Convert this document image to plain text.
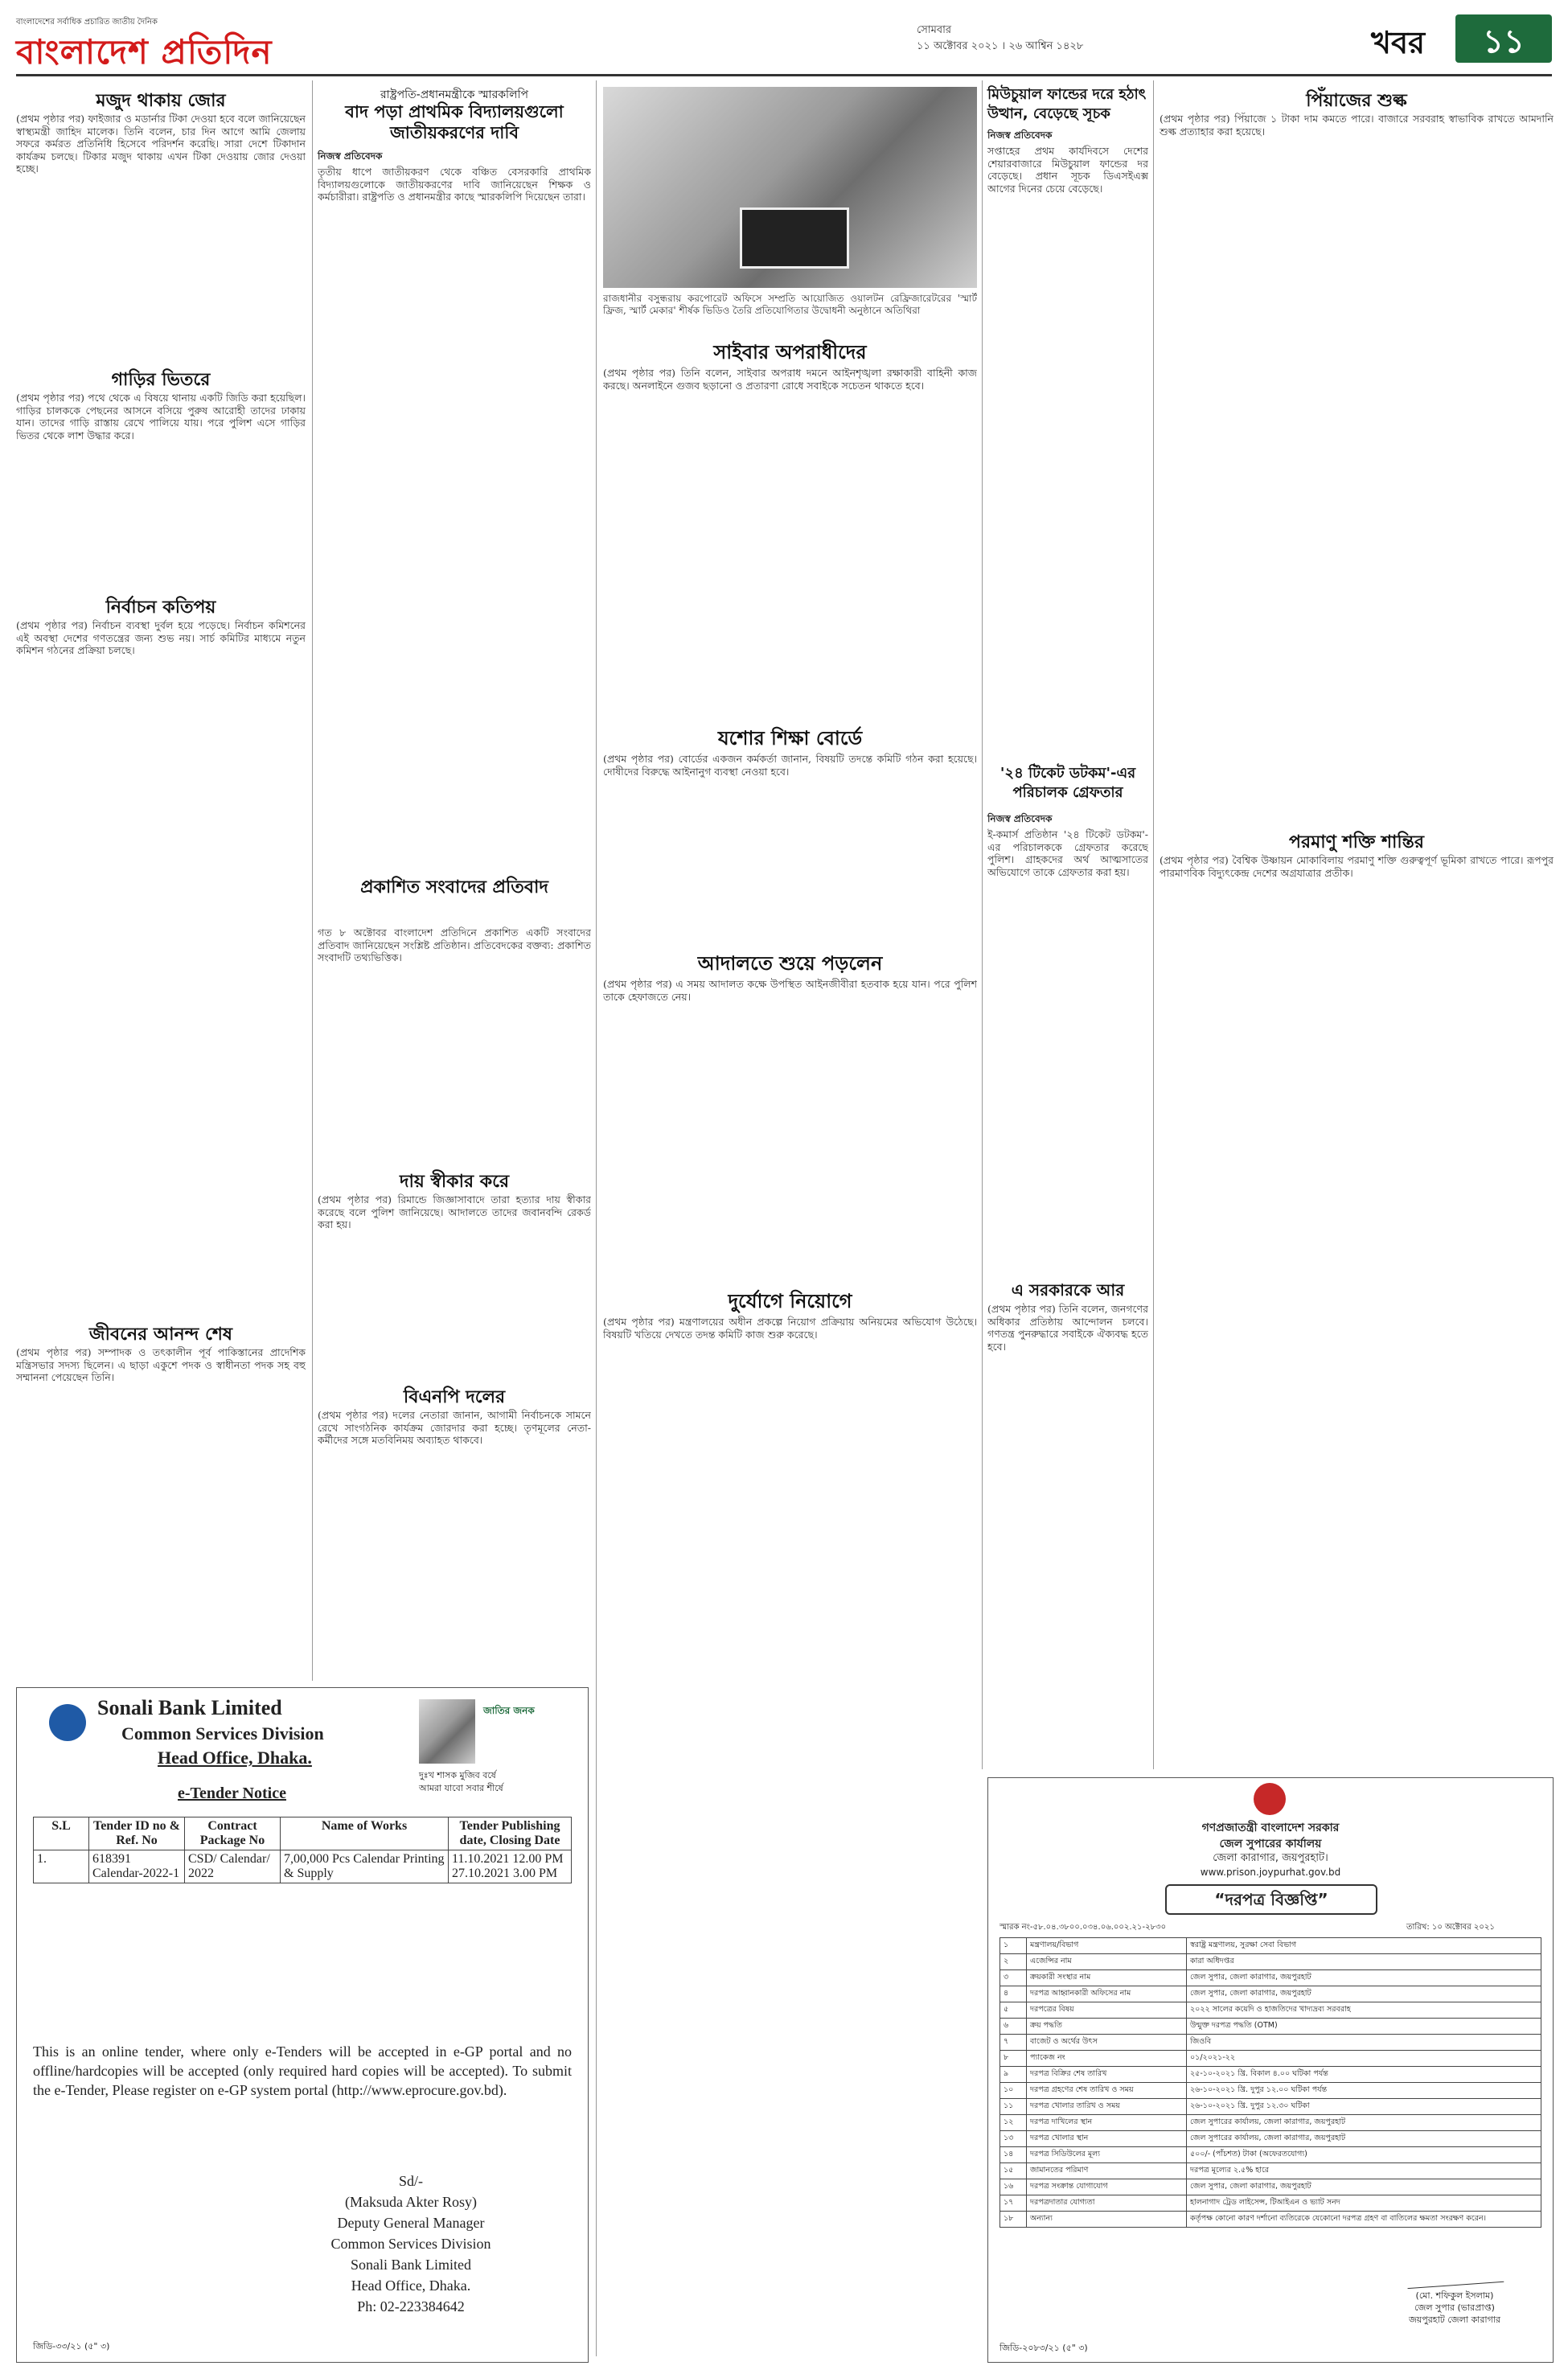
বাংলাদেশের সর্বাধিক প্রচারিত জাতীয় দৈনিক
বাংলাদেশ প্রতিদিন
সোমবার
১১ অক্টোবর ২০২১ । ২৬ আশ্বিন ১৪২৮	খবর	১১
মজুদ থাকায় জোর
(প্রথম পৃষ্ঠার পর) ফাইজার ও মডার্নার টিকা দেওয়া হবে বলে জানিয়েছেন স্বাস্থ্যমন্ত্রী জাহিদ মালেক। তিনি বলেন, চার দিন আগে আমি জেলায় সফরে কর্মরত প্রতিনিধি হিসেবে পরিদর্শন করেছি। সারা দেশে টিকাদান কার্যক্রম চলছে। টিকার মজুদ থাকায় এখন টিকা দেওয়ায় জোর দেওয়া হচ্ছে।
গাড়ির ভিতরে
(প্রথম পৃষ্ঠার পর) পথে থেকে এ বিষয়ে থানায় একটি জিডি করা হয়েছিল। গাড়ির চালককে পেছনের আসনে বসিয়ে পুরুষ আরোহী তাদের ঢাকায় যান। তাদের গাড়ি রাস্তায় রেখে পালিয়ে যায়। পরে পুলিশ এসে গাড়ির ভিতর থেকে লাশ উদ্ধার করে।
নির্বাচন কতিপয়
(প্রথম পৃষ্ঠার পর) নির্বাচন ব্যবস্থা দুর্বল হয়ে পড়েছে। নির্বাচন কমিশনের এই অবস্থা দেশের গণতন্ত্রের জন্য শুভ নয়। সার্চ কমিটির মাধ্যমে নতুন কমিশন গঠনের প্রক্রিয়া চলছে।
জীবনের আনন্দ শেষ
(প্রথম পৃষ্ঠার পর) সম্পাদক ও তৎকালীন পূর্ব পাকিস্তানের প্রাদেশিক মন্ত্রিসভার সদস্য ছিলেন। এ ছাড়া একুশে পদক ও স্বাধীনতা পদক সহ বহু সম্মাননা পেয়েছেন তিনি।
রাষ্ট্রপতি-প্রধানমন্ত্রীকে স্মারকলিপি
বাদ পড়া প্রাথমিক বিদ্যালয়গুলো জাতীয়করণের দাবি
নিজস্ব প্রতিবেদক
তৃতীয় ধাপে জাতীয়করণ থেকে বঞ্চিত বেসরকারি প্রাথমিক বিদ্যালয়গুলোকে জাতীয়করণের দাবি জানিয়েছেন শিক্ষক ও কর্মচারীরা। রাষ্ট্রপতি ও প্রধানমন্ত্রীর কাছে স্মারকলিপি দিয়েছেন তারা।
প্রকাশিত সংবাদের প্রতিবাদ
গত ৮ অক্টোবর বাংলাদেশ প্রতিদিনে প্রকাশিত একটি সংবাদের প্রতিবাদ জানিয়েছেন সংশ্লিষ্ট প্রতিষ্ঠান। প্রতিবেদকের বক্তব্য: প্রকাশিত সংবাদটি তথ্যভিত্তিক।
দায় স্বীকার করে
(প্রথম পৃষ্ঠার পর) রিমান্ডে জিজ্ঞাসাবাদে তারা হত্যার দায় স্বীকার করেছে বলে পুলিশ জানিয়েছে। আদালতে তাদের জবানবন্দি রেকর্ড করা হয়।
বিএনপি দলের
(প্রথম পৃষ্ঠার পর) দলের নেতারা জানান, আগামী নির্বাচনকে সামনে রেখে সাংগঠনিক কার্যক্রম জোরদার করা হচ্ছে। তৃণমূলের নেতা-কর্মীদের সঙ্গে মতবিনিময় অব্যাহত থাকবে।
রাজধানীর বসুন্ধরায় করপোরেট অফিসে সম্প্রতি আয়োজিত ওয়ালটন রেফ্রিজারেটরের 'স্মার্ট ফ্রিজ, স্মার্ট মেকার' শীর্ষক ভিডিও তৈরি প্রতিযোগিতার উদ্বোধনী অনুষ্ঠানে অতিথিরা
সাইবার অপরাধীদের
(প্রথম পৃষ্ঠার পর) তিনি বলেন, সাইবার অপরাধ দমনে আইনশৃঙ্খলা রক্ষাকারী বাহিনী কাজ করছে। অনলাইনে গুজব ছড়ানো ও প্রতারণা রোধে সবাইকে সচেতন থাকতে হবে।
যশোর শিক্ষা বোর্ডে
(প্রথম পৃষ্ঠার পর) বোর্ডের একজন কর্মকর্তা জানান, বিষয়টি তদন্তে কমিটি গঠন করা হয়েছে। দোষীদের বিরুদ্ধে আইনানুগ ব্যবস্থা নেওয়া হবে।
আদালতে শুয়ে পড়লেন
(প্রথম পৃষ্ঠার পর) এ সময় আদালত কক্ষে উপস্থিত আইনজীবীরা হতবাক হয়ে যান। পরে পুলিশ তাকে হেফাজতে নেয়।
দুর্যোগে নিয়োগে
(প্রথম পৃষ্ঠার পর) মন্ত্রণালয়ের অধীন প্রকল্পে নিয়োগ প্রক্রিয়ায় অনিয়মের অভিযোগ উঠেছে। বিষয়টি খতিয়ে দেখতে তদন্ত কমিটি কাজ শুরু করেছে।
মিউচুয়াল ফান্ডের দরে হঠাৎ উত্থান, বেড়েছে সূচক
নিজস্ব প্রতিবেদক
সপ্তাহের প্রথম কার্যদিবসে দেশের শেয়ারবাজারে মিউচুয়াল ফান্ডের দর বেড়েছে। প্রধান সূচক ডিএসইএক্স আগের দিনের চেয়ে বেড়েছে।
'২৪ টিকেট ডটকম'-এর পরিচালক গ্রেফতার
নিজস্ব প্রতিবেদক
ই-কমার্স প্রতিষ্ঠান '২৪ টিকেট ডটকম'-এর পরিচালককে গ্রেফতার করেছে পুলিশ। গ্রাহকদের অর্থ আত্মসাতের অভিযোগে তাকে গ্রেফতার করা হয়।
এ সরকারকে আর
(প্রথম পৃষ্ঠার পর) তিনি বলেন, জনগণের অধিকার প্রতিষ্ঠায় আন্দোলন চলবে। গণতন্ত্র পুনরুদ্ধারে সবাইকে ঐক্যবদ্ধ হতে হবে।
পিঁয়াজের শুল্ক
(প্রথম পৃষ্ঠার পর) পিঁয়াজে ১ টাকা দাম কমতে পারে। বাজারে সরবরাহ স্বাভাবিক রাখতে আমদানি শুল্ক প্রত্যাহার করা হয়েছে।
পরমাণু শক্তি শান্তির
(প্রথম পৃষ্ঠার পর) বৈশ্বিক উষ্ণায়ন মোকাবিলায় পরমাণু শক্তি গুরুত্বপূর্ণ ভূমিকা রাখতে পারে। রূপপুর পারমাণবিক বিদ্যুৎকেন্দ্র দেশের অগ্রযাত্রার প্রতীক।
Sonali Bank Limited
Common Services Division
Head Office, Dhaka.
e-Tender Notice
জাতির জনক
দুঃখ শাসক মুজিব বর্ষে
আমরা যাবো সবার শীর্ষে
S.L	Tender ID no & Ref. No	Contract Package No	Name of Works	Tender Publishing date, Closing Date
1.	618391 Calendar-2022-1	CSD/ Calendar/ 2022	7,00,000 Pcs Calendar Printing & Supply	11.10.2021 12.00 PM 27.10.2021 3.00 PM
This is an online tender, where only e-Tenders will be accepted in e-GP portal and no offline/hardcopies will be accepted (only required hard copies will be accepted). To submit the e-Tender, Please register on e-GP system portal (http://www.eprocure.gov.bd).
Sd/-
(Maksuda Akter Rosy)
Deputy General Manager
Common Services Division
Sonali Bank Limited
Head Office, Dhaka.
Ph: 02-223384642
জিডি-৩৩/২১ (৫" ৩)
গণপ্রজাতন্ত্রী বাংলাদেশ সরকার
জেল সুপারের কার্যালয়
জেলা কারাগার, জয়পুরহাট।
www.prison.joypurhat.gov.bd
“দরপত্র বিজ্ঞপ্তি”
স্মারক নং-৫৮.০৪.৩৮০০.০৩৪.০৬.০০২.২১-২৮৩০	তারিখ: ১০ অক্টোবর ২০২১
১	মন্ত্রণালয়/বিভাগ	স্বরাষ্ট্র মন্ত্রণালয়, সুরক্ষা সেবা বিভাগ
২	এজেন্সির নাম	কারা অধিদপ্তর
৩	ক্রয়কারী সংস্থার নাম	জেল সুপার, জেলা কারাগার, জয়পুরহাট
৪	দরপত্র আহ্বানকারী অফিসের নাম	জেল সুপার, জেলা কারাগার, জয়পুরহাট
৫	দরপত্রের বিষয়	২০২২ সালের কয়েদি ও হাজতিদের খাদ্যদ্রব্য সরবরাহ
৬	ক্রয় পদ্ধতি	উন্মুক্ত দরপত্র পদ্ধতি (OTM)
৭	বাজেট ও অর্থের উৎস	জিওবি
৮	প্যাকেজ নং	০১/২০২১-২২
৯	দরপত্র বিক্রির শেষ তারিখ	২৫-১০-২০২১ খ্রি. বিকাল ৪.০০ ঘটিকা পর্যন্ত
১০	দরপত্র গ্রহণের শেষ তারিখ ও সময়	২৬-১০-২০২১ খ্রি. দুপুর ১২.০০ ঘটিকা পর্যন্ত
১১	দরপত্র খোলার তারিখ ও সময়	২৬-১০-২০২১ খ্রি. দুপুর ১২.৩০ ঘটিকা
১২	দরপত্র দাখিলের স্থান	জেল সুপারের কার্যালয়, জেলা কারাগার, জয়পুরহাট
১৩	দরপত্র খোলার স্থান	জেল সুপারের কার্যালয়, জেলা কারাগার, জয়পুরহাট
১৪	দরপত্র সিডিউলের মূল্য	৫০০/- (পাঁচশত) টাকা (অফেরতযোগ্য)
১৫	জামানতের পরিমাণ	দরপত্র মূল্যের ২.৫% হারে
১৬	দরপত্র সংক্রান্ত যোগাযোগ	জেল সুপার, জেলা কারাগার, জয়পুরহাট
১৭	দরপত্রদাতার যোগ্যতা	হালনাগাদ ট্রেড লাইসেন্স, টিআইএন ও ভ্যাট সনদ
১৮	অন্যান্য	কর্তৃপক্ষ কোনো কারণ দর্শানো ব্যতিরেকে যেকোনো দরপত্র গ্রহণ বা বাতিলের ক্ষমতা সংরক্ষণ করেন।
(মো. শফিকুল ইসলাম)
জেল সুপার (ভারপ্রাপ্ত)
জয়পুরহাট জেলা কারাগার
জিডি-২০৮৩/২১ (৫" ৩)
